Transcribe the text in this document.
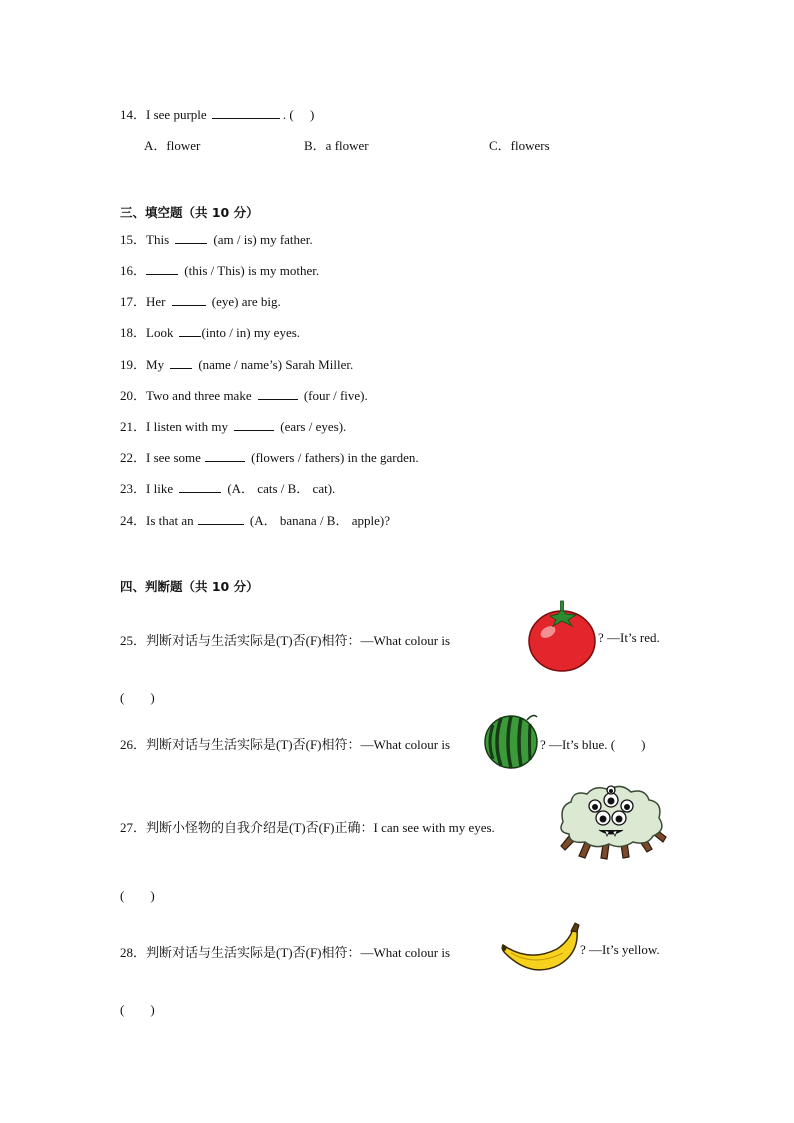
14．I see purple	. (　 )
A．flower	B．a flower	C．flowers
三、填空题（共 10 分）
15．This	(am / is) my father.
16．	(this / This) is my mother.
17．Her	(eye) are big.
18．Look (into / in) my eyes.
19．My	(name / name’s) Sarah Miller.
20．Two and three make	(four / five).
21．I listen with my	(ears / eyes).
22．I see some	(flowers / fathers) in the garden.
23．I like	(A． cats / B． cat).
24．Is that an	(A． banana / B． apple)?
四、判断题（共 10 分）
25．判断对话与生活实际是(T)否(F)相符：—What colour is	? —It’s red.
(　　)
26．判断对话与生活实际是(T)否(F)相符：—What colour is	? —It’s blue. (　　)
27．判断小怪物的自我介绍是(T)否(F)正确：I can see with my eyes.
(　　)
28．判断对话与生活实际是(T)否(F)相符：—What colour is	? —It’s yellow.
(　　)
